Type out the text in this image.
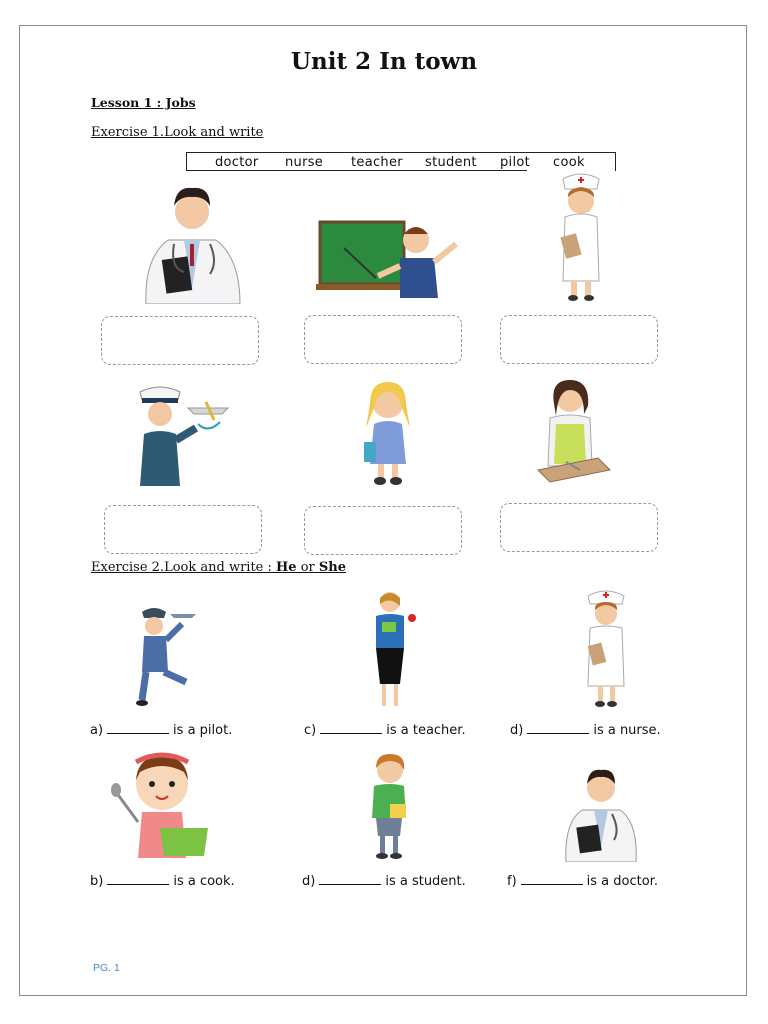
Unit 2 In town
Lesson 1 : Jobs
Exercise 1.Look and write
doctor nurse teacher student pilot cook
Exercise 2.Look and write : He or She
a)	is a pilot.	c)	is a teacher.	d)	is a nurse.
b)	is a cook.	d)	is a student.	f)	is a doctor.
PG. 1
